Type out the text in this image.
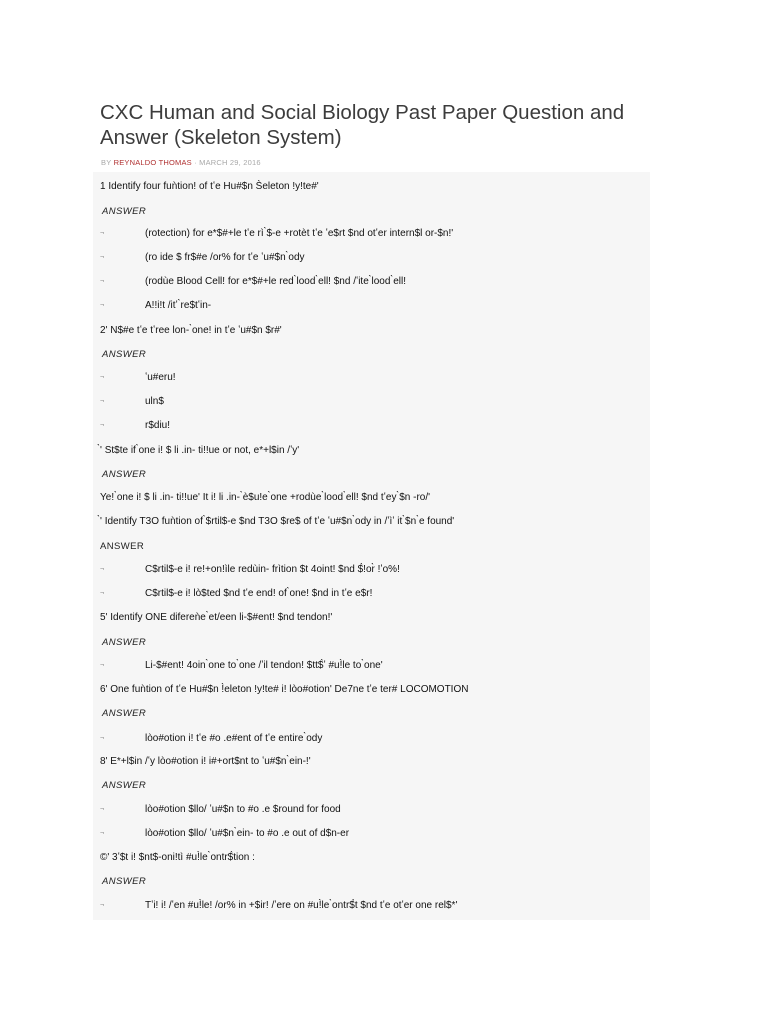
CXC Human and Social Biology Past Paper Question and Answer (Skeleton System)
BY REYNALDO THOMAS · MARCH 29, 2016
1 Identify four fuǹtion! of tʽe Hu#$n S̀eleton !y!te#'
ANSWER
¬	(rotection) for e*$#+le tʽe rì ̀$-e +rotèt tʽe ʽe$rt $nd otʽer intern$l or-$n!'
¬	(ro ide $ fr$#e /or% for tʽe ʽu#$n ̀ody
¬	(rodùe Blood Cell! for e*$#+le red ̀lood ̀ell! $nd /ʽite ̀lood ̀ell!
¬	A!!i!t /itʽ ̀re$tʽin-
2' N$#e tʽe tʽree lon- ̀one! in tʽe ʽu#$n $r#'
ANSWER
¬	ʽu#eru!
¬	uln$
¬	r$diu!
̀' St$te if ̀one i! $ li .in- ti!!ue or not, e*+l$in /ʽy'
ANSWER
Ye! ̀one i! $ li .in- ti!!ue' It i! li .in- ̀è$u!e ̀one +rodùe ̀lood ̀ell! $nd tʽey ̀$n -ro/'
̀' Identify T3O fuǹtion of ̀$rtil$-e $nd T3O $re$ of tʽe ʽu#$n ̀ody in /ʽìʽ it ̀$n ̀e found'
ANSWER
¬	C$rtil$-e i! re!+on!ìle redùin- frìtion $t 4oint! $nd $̀!or̀ !ʽo%!
¬	C$rtil$-e i! lò$ted $nd tʽe end! of ̀one! $nd in tʽe e$r!
5' Identify ONE difereǹe ̀et/een li-$#ent! $nd tendon!'
ANSWER
¬	Li-$#ent! 4oin ̀one to ̀one /ʽil tendon! $tt$̀ʽ #u!̀le to ̀one'
6' One fuǹtion of tʽe Hu#$n !̀eleton !y!te# i! lòo#otion' De7ne tʽe ter# LOCOMOTION
ANSWER
¬	lòo#otion i! tʽe #o .e#ent of tʽe entire ̀ody
8' E*+l$in /ʽy lòo#otion i! i#+ort$nt to ʽu#$n ̀ein-!'
ANSWER
¬	lòo#otion $llo/ ʽu#$n to #o .e $round for food
¬	lòo#otion $llo/ ʽu#$n ̀ein- to #o .e out of d$n-er
©' 3ʽ$t i! $nt$-oni!tì #u!̀le ̀ontr$̀tion :
ANSWER
¬	Tʽi! i! /ʽen #u!̀le! /or% in +$ir! /ʽere on #u!̀le ̀ontr$̀t $nd tʽe otʽer one rel$*'
